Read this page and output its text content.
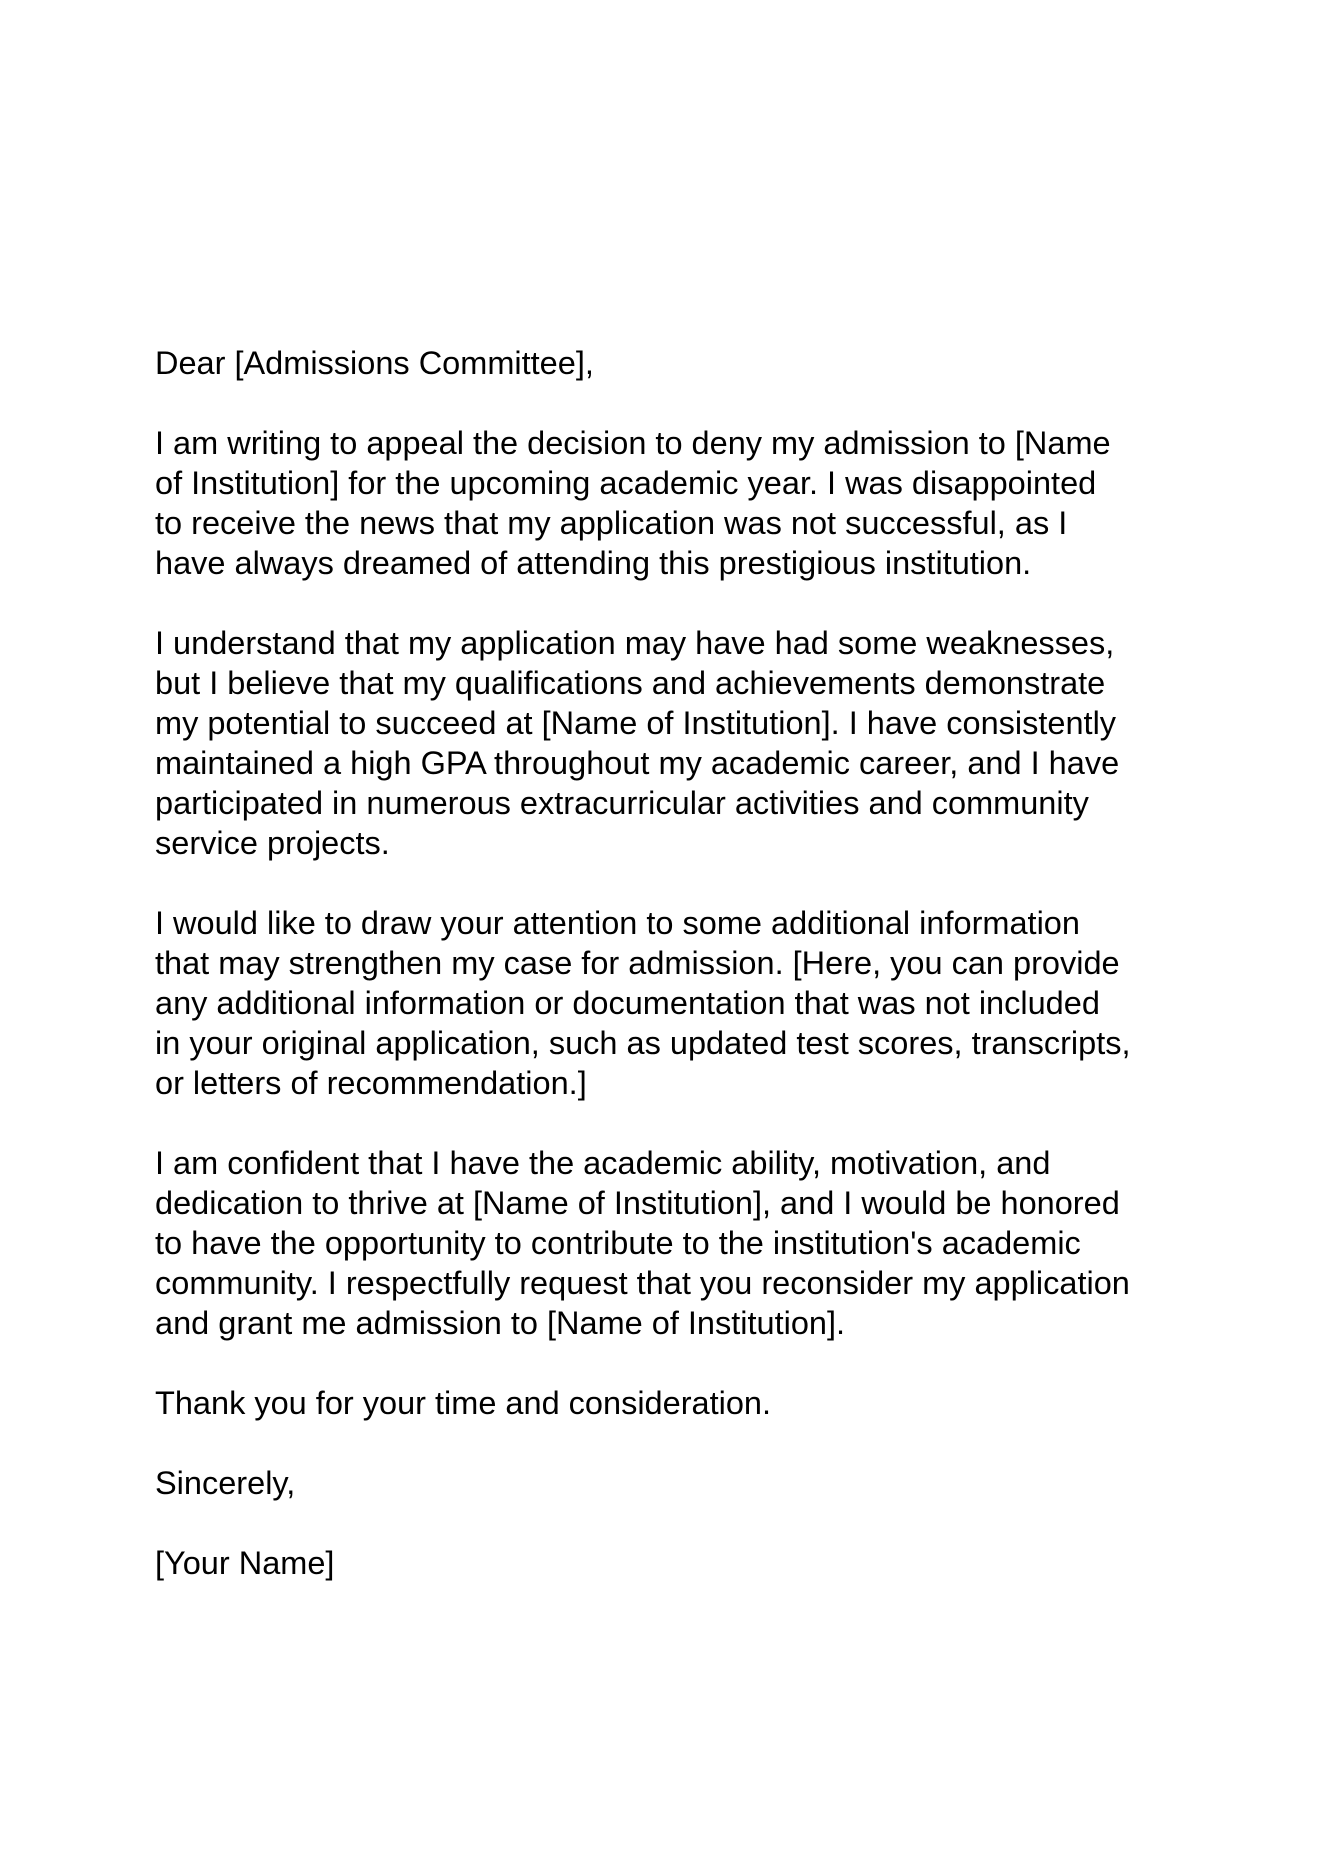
Dear [Admissions Committee],
I am writing to appeal the decision to deny my admission to [Name
of Institution] for the upcoming academic year. I was disappointed
to receive the news that my application was not successful, as I
have always dreamed of attending this prestigious institution.
I understand that my application may have had some weaknesses,
but I believe that my qualifications and achievements demonstrate
my potential to succeed at [Name of Institution]. I have consistently
maintained a high GPA throughout my academic career, and I have
participated in numerous extracurricular activities and community
service projects.
I would like to draw your attention to some additional information
that may strengthen my case for admission. [Here, you can provide
any additional information or documentation that was not included
in your original application, such as updated test scores, transcripts,
or letters of recommendation.]
I am confident that I have the academic ability, motivation, and
dedication to thrive at [Name of Institution], and I would be honored
to have the opportunity to contribute to the institution's academic
community. I respectfully request that you reconsider my application
and grant me admission to [Name of Institution].
Thank you for your time and consideration.
Sincerely,
[Your Name]
